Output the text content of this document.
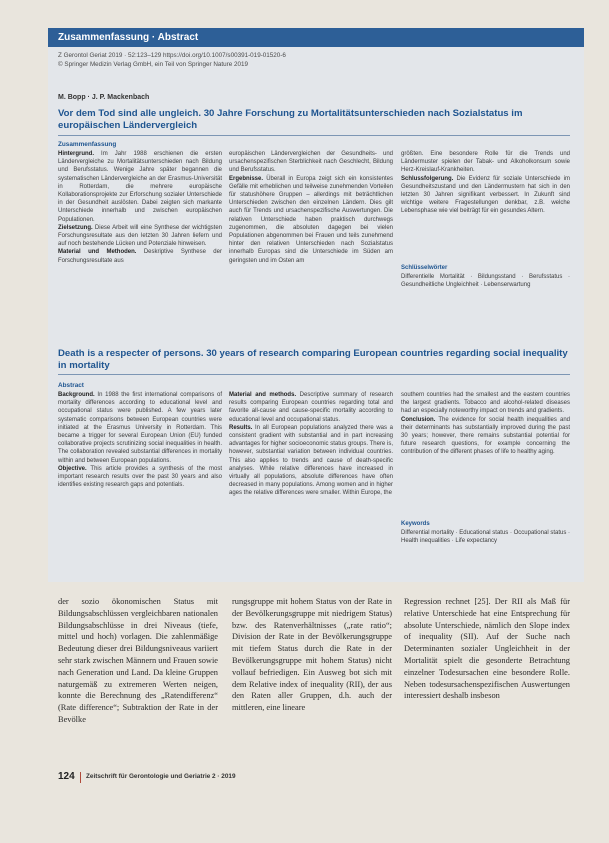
Zusammenfassung · Abstract
Z Gerontol Geriat 2019 · 52:123–129 https://doi.org/10.1007/s00391-019-01520-6
© Springer Medizin Verlag GmbH, ein Teil von Springer Nature 2019
M. Bopp · J. P. Mackenbach
Vor dem Tod sind alle ungleich. 30 Jahre Forschung zu Mortalitätsunterschieden nach Sozialstatus im europäischen Ländervergleich
Zusammenfassung
Hintergrund. Im Jahr 1988 erschienen die ersten Ländervergleiche zu Mortalitätsunterschieden nach Bildung und Berufsstatus. Wenige Jahre später begannen die systematischen Ländervergleiche an der Erasmus-Universität in Rotterdam, die mehrere europäische Kollaborationsprojekte zur Erforschung sozialer Unterschiede in der Gesundheit auslösten. Dabei zeigten sich markante Unterschiede innerhalb und zwischen europäischen Populationen.
Zielsetzung. Diese Arbeit will eine Synthese der wichtigsten Forschungsresultate aus den letzten 30 Jahren liefern und auf noch bestehende Lücken und Potenziale hinweisen.
Material und Methoden. Deskriptive Synthese der Forschungsresultate aus
europäischen Ländervergleichen der Gesundheits- und ursachenspezifischen Sterblichkeit nach Geschlecht, Bildung und Berufsstatus.
Ergebnisse. Überall in Europa zeigt sich ein konsistentes Gefälle mit erheblichen und teilweise zunehmenden Vorteilen für statushöhere Gruppen – allerdings mit beträchtlichen Unterschieden zwischen den einzelnen Ländern. Dies gilt auch für Trends und ursachenspezifische Auswertungen. Die relativen Unterschiede haben praktisch durchwegs zugenommen, die absoluten dagegen bei vielen Populationen abgenommen bei Frauen und teils zunehmend hinter den relativen Unterschieden nach Sozialstatus innerhalb Europas sind die Unterschiede im Süden am geringsten und im Osten am
größten. Eine besondere Rolle für die Trends und Ländermuster spielen der Tabak- und Alkoholkonsum sowie Herz-Kreislauf-Krankheiten.
Schlussfolgerung. Die Evidenz für soziale Unterschiede im Gesundheitszustand und den Ländermustern hat sich in den letzten 30 Jahren signifikant verbessert. In Zukunft sind wichtige weitere Fragestellungen denkbar, z.B. welche Lebensphase wie viel beiträgt für ein gesundes Altern.
Schlüsselwörter
Differentielle Mortalität · Bildungsstand · Berufsstatus · Gesundheitliche Ungleichheit · Lebenserwartung
Death is a respecter of persons. 30 years of research comparing European countries regarding social inequality in mortality
Abstract
Background. In 1988 the first international comparisons of mortality differences according to educational level and occupational status were published. A few years later systematic comparisons between European countries were initiated at the Erasmus University in Rotterdam. This became a trigger for several European Union (EU) funded collaborative projects scrutinizing social inequalities in health. The collaboration revealed substantial differences in mortality within and between European populations.
Objective. This article provides a synthesis of the most important research results over the past 30 years and also identifies existing research gaps and potentials.
Material and methods. Descriptive summary of research results comparing European countries regarding total and favorite all-cause and cause-specific mortality according to educational level and occupational status.
Results. In all European populations analyzed there was a consistent gradient with substantial and in part increasing advantages for higher socioeconomic status groups. There is, however, substantial variation between individual countries. This also applies to trends and cause of death-specific analyses. While relative differences have increased in virtually all populations, absolute differences have often decreased in many populations. Among women and in higher ages the relative differences were smaller. Within Europe, the
southern countries had the smallest and the eastern countries the largest gradients. Tobacco and alcohol-related diseases had an especially noteworthy impact on trends and gradients.
Conclusion. The evidence for social health inequalities and their determinants has substantially improved during the past 30 years; however, there remains substantial potential for future research questions, for example concerning the contribution of the different phases of life to healthy aging.
Keywords
Differential mortality · Educational status · Occupational status · Health inequalities · Life expectancy
der sozio ökonomischen Status mit Bildungsabschlüssen vergleichbaren nationalen Bildungsabschlüsse in drei Niveaus (tiefe, mittel und hoch) vorlagen. Die zahlenmäßige Bedeutung dieser drei Bildungsniveaus variiert sehr stark zwischen Männern und Frauen sowie nach Generation und Land. Da kleine Gruppen naturgemäß zu extremeren Werten neigen, konnte die Berechnung des „Ratendifferenz“ (Rate difference“; Subtraktion der Rate in der Bevölke
rungsgruppe mit hohem Status von der Rate in der Bevölkerungsgruppe mit niedrigem Status) bzw. des Ratenverhältnisses („rate ratio“; Division der Rate in der Bevölkerungsgruppe mit tiefem Status durch die Rate in der Bevölkerungsgruppe mit hohem Status) nicht vollauf befriedigen. Ein Ausweg bot sich mit dem Relative index of inequality (RII), der aus den Raten aller Gruppen, d.h. auch der mittleren, eine lineare
Regression rechnet [25]. Der RII als Maß für relative Unterschiede hat eine Entsprechung für absolute Unterschiede, nämlich den Slope index of inequality (SII). Auf der Suche nach Determinanten sozialer Ungleichheit in der Mortalität spielt die gesonderte Betrachtung einzelner Todesursachen eine besondere Rolle. Neben todesursachenspezifischen Auswertungen interessiert deshalb insbeson
124 Zeitschrift für Gerontologie und Geriatrie 2 · 2019
